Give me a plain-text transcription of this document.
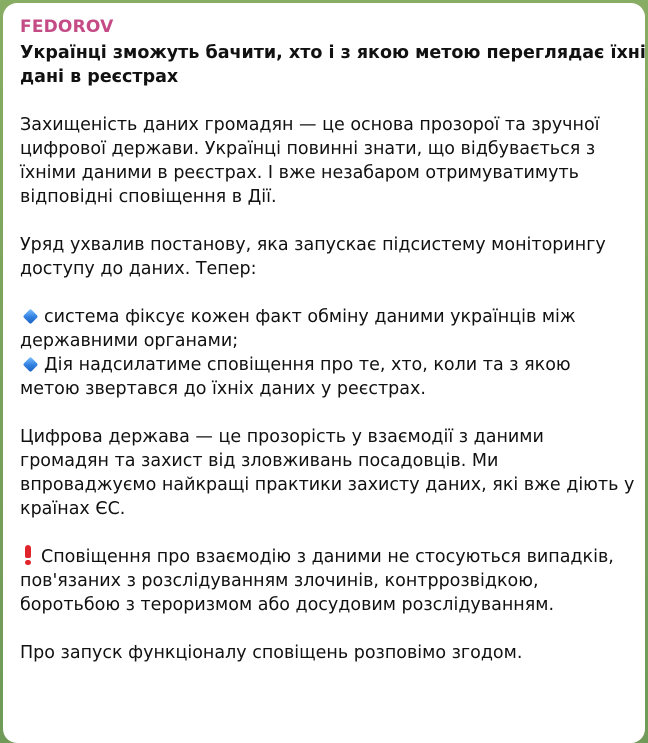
FEDOROV
Українці зможуть бачити, хто і з якою метою переглядає їхні
дані в реєстрах
Захищеність даних громадян — це основа прозорої та зручної
цифрової держави. Українці повинні знати, що відбувається з
їхніми даними в реєстрах. І вже незабаром отримуватимуть
відповідні сповіщення в Дії.
Уряд ухвалив постанову, яка запускає підсистему моніторингу
доступу до даних. Тепер:
система фіксує кожен факт обміну даними українців між
державними органами;
Дія надсилатиме сповіщення про те, хто, коли та з якою
метою звертався до їхніх даних у реєстрах.
Цифрова держава — це прозорість у взаємодії з даними
громадян та захист від зловживань посадовців. Ми
впроваджуємо найкращі практики захисту даних, які вже діють у
країнах ЄС.
Сповіщення про взаємодію з даними не стосуються випадків,
пов'язаних з розслідуванням злочинів, контррозвідкою,
боротьбою з тероризмом або досудовим розслідуванням.
Про запуск функціоналу сповіщень розповімо згодом.
